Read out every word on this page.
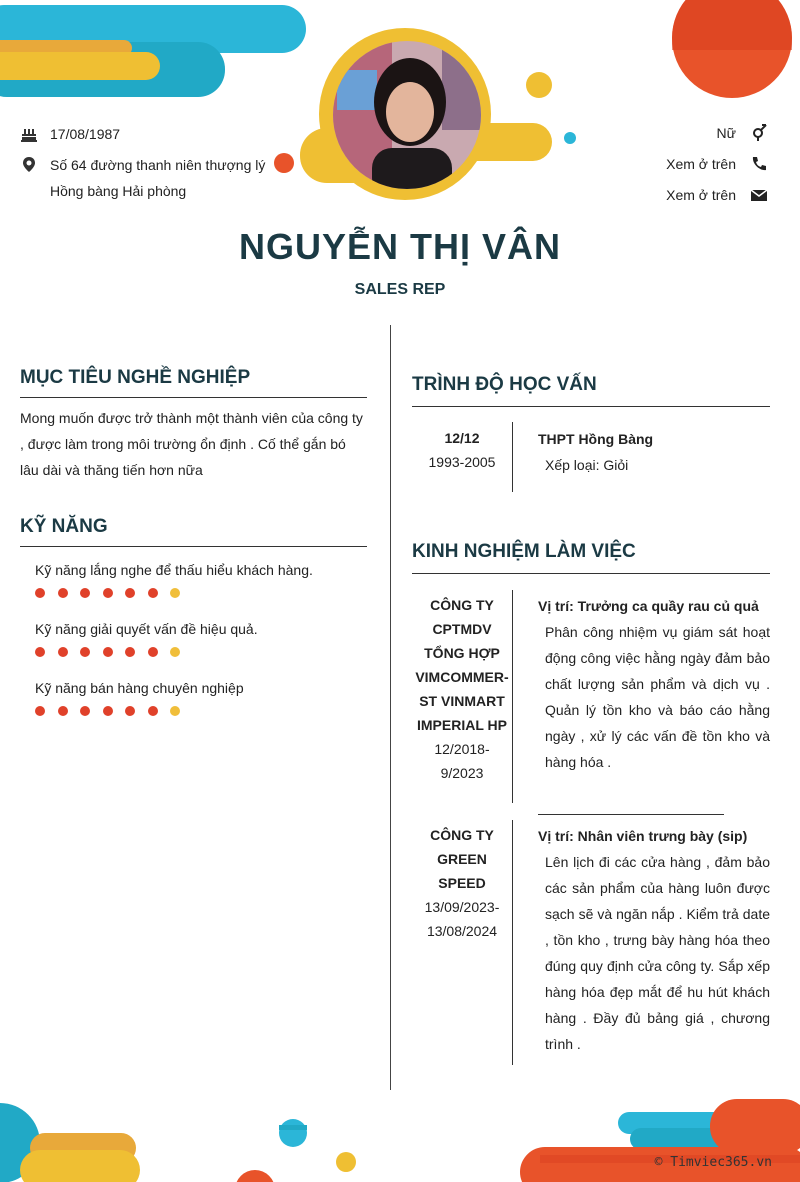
17/08/1987
Số 64 đường thanh niên thượng lý
Hồng bàng Hải phòng
Nữ
Xem ở trên
Xem ở trên
NGUYỄN THỊ VÂN
SALES REP
MỤC TIÊU NGHỀ NGHIỆP
Mong muốn được trở thành một thành viên của công ty , được làm trong môi trường ổn định . Cố thể gắn bó lâu dài và thăng tiến hơn nữa
KỸ NĂNG
Kỹ năng lắng nghe để thấu hiểu khách hàng.
Kỹ năng giải quyết vấn đề hiệu quả.
Kỹ năng bán hàng chuyên nghiệp
TRÌNH ĐỘ HỌC VẤN
12/12
1993-2005
THPT Hồng Bàng
Xếp loại: Giỏi
KINH NGHIỆM LÀM VIỆC
CÔNG TY
CPTMDV
TỔNG HỢP
VIMCOMMER-
ST VINMART
IMPERIAL HP
12/2018-
9/2023
Vị trí: Trưởng ca quầy rau củ quả
Phân công nhiệm vụ giám sát hoạt động công việc hằng ngày đảm bảo chất lượng sản phẩm và dịch vụ . Quản lý tồn kho và báo cáo hằng ngày , xử lý các vấn đề tồn kho và hàng hóa .
CÔNG TY
GREEN SPEED
13/09/2023-
13/08/2024
Vị trí: Nhân viên trưng bày (sip)
Lên lịch đi các cửa hàng , đảm bảo các sản phẩm của hàng luôn được sạch sẽ và ngăn nắp . Kiểm trả date , tồn kho , trưng bày hàng hóa theo đúng quy định cửa công ty. Sắp xếp hàng hóa đẹp mắt để hu hút khách hàng . Đầy đủ bảng giá , chương trình .
© Timviec365.vn
